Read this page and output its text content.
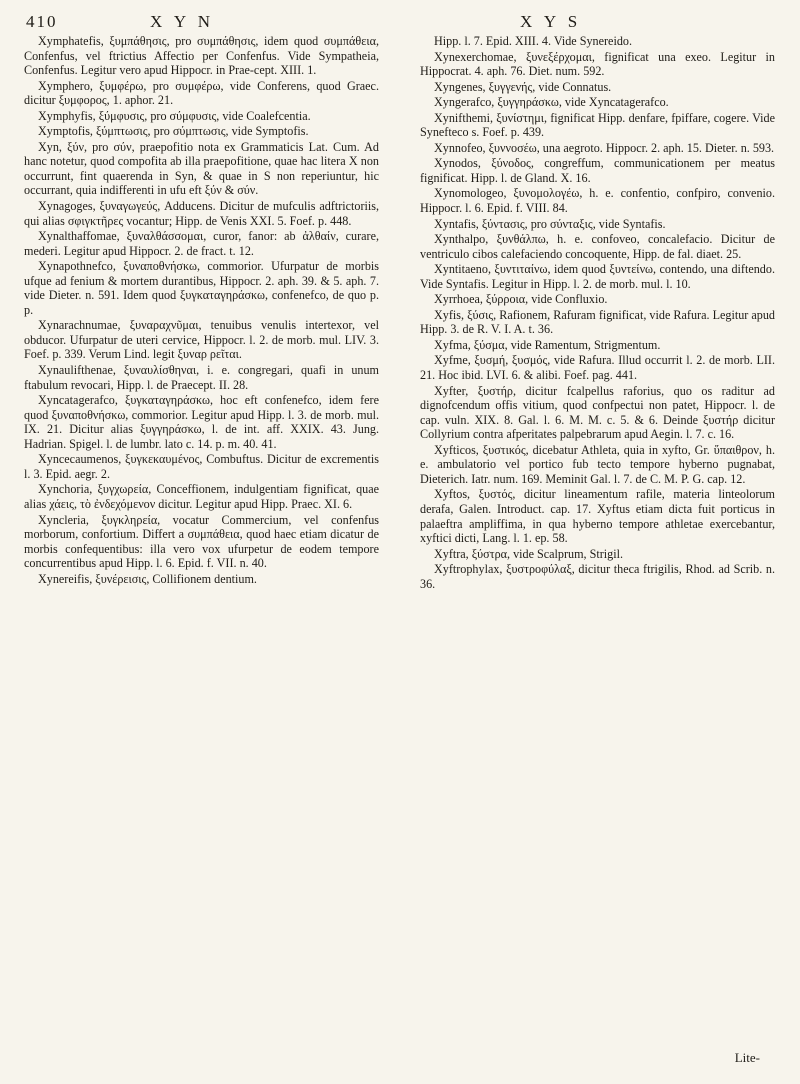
410	X Y N	X Y S

Xymphatefis, ξυμπάθησις, pro συμπάθησις, idem quod συμπάθεια, Confenfus, vel ftrictius Affectio per Confenfus. Vide Sympatheia, Confenfus. Legitur vero apud Hippocr. in Prae-cept. XIII. 1.

Xymphero, ξυμφέρω, pro συμφέρω, vide Conferens, quod Graec. dicitur ξυμφορος, 1. aphor. 21.

Xymphyfis, ξύμφυσις, pro σύμφυσις, vide Coalefcentia.

Xymptofis, ξύμπτωσις, pro σύμπτωσις, vide Symptofis.

Xyn, ξύν, pro σύν, praepofitio nota ex Grammaticis Lat. Cum. Ad hanc notetur, quod compofita ab illa praepofitione, quae hac litera X non occurrunt, fint quaerenda in Syn, & quae in S non reperiuntur, hic occurrant, quia indifferenti in ufu eft ξύν & σύν.

Xynagoges, ξυναγωγεύς, Adducens. Dicitur de mufculis adftrictoriis, qui alias σφιγκτῆρες vocantur; Hipp. de Venis XXI. 5. Foef. p. 448.

Xynalthaffomae, ξυναλθάσσομαι, curor, fanor: ab ἀλθαίν, curare, mederi. Legitur apud Hippocr. 2. de fract. t. 12.

Xynapothnefco, ξυναποθνήσκω, commorior. Ufurpatur de morbis ufque ad fenium & mortem durantibus, Hippocr. 2. aph. 39. & 5. aph. 7. vide Dieter. n. 591. Idem quod ξυγκαταγηράσκω, confenefco, de quo p. p.

Xynarachnumae, ξυναραχνῦμαι, tenuibus venulis intertexor, vel obducor. Ufurpatur de uteri cervice, Hippocr. l. 2. de morb. mul. LIV. 3. Foef. p. 339. Verum Lind. legit ξυναρ ρεῖται.

Xynaulifthenae, ξυναυλίσθηναι, i. e. congregari, quafi in unum ftabulum revocari, Hipp. l. de Praecept. II. 28.

Xyncatagerafco, ξυγκαταγηράσκω, hoc eft confenefco, idem fere quod ξυναποθνήσκω, commorior. Legitur apud Hipp. l. 3. de morb. mul. IX. 21. Dicitur alias ξυγγηράσκω, l. de int. aff. XXIX. 43. Jung. Hadrian. Spigel. l. de lumbr. lato c. 14. p. m. 40. 41.

Xyncecaumenos, ξυγκεκαυμένος, Combuftus. Dicitur de excrementis l. 3. Epid. aegr. 2.

Xynchoria, ξυγχωρεία, Conceffionem, indulgentiam fignificat, quae alias χάεις, τὸ ἐνδεχόμενον dicitur. Legitur apud Hipp. Praec. XI. 6.

Xyncleria, ξυγκληρεία, vocatur Commercium, vel confenfus morborum, confortium. Differt a συμπάθεια, quod haec etiam dicatur de morbis confequentibus: illa vero vox ufurpetur de eodem tempore concurrentibus apud Hipp. l. 6. Epid. f. VII. n. 40.

Xynereifis, ξυνέρεισις, Collifionem dentium.

Hipp. l. 7. Epid. XIII. 4. Vide Synereido.

Xynexerchomae, ξυνεξέρχομαι, fignificat una exeo. Legitur in Hippocrat. 4. aph. 76. Diet. num. 592.

Xyngenes, ξυγγενής, vide Connatus.

Xyngerafco, ξυγγηράσκω, vide Xyncatagerafco.

Xynifthemi, ξυνίστημι, fignificat Hipp. denfare, fpiffare, cogere. Vide Synefteco s. Foef. p. 439.

Xynnofeo, ξυννοσέω, una aegroto. Hippocr. 2. aph. 15. Dieter. n. 593.

Xynodos, ξύνοδος, congreffum, communicationem per meatus fignificat. Hipp. l. de Gland. X. 16.

Xynomologeo, ξυνομολογέω, h. e. confentio, confpiro, convenio. Hippocr. l. 6. Epid. f. VIII. 84.

Xyntafis, ξύντασις, pro σύνταξις, vide Syntafis.

Xynthalpo, ξυνθάλπω, h. e. confoveo, concalefacio. Dicitur de ventriculo cibos calefaciendo concoquente, Hipp. de fal. diaet. 25.

Xyntitaeno, ξυντιταίνω, idem quod ξυντείνω, contendo, una diftendo. Vide Syntafis. Legitur in Hipp. l. 2. de morb. mul. l. 10.

Xyrrhoea, ξύρροια, vide Confluxio.

Xyfis, ξύσις, Rafionem, Rafuram fignificat, vide Rafura. Legitur apud Hipp. 3. de R. V. I. A. t. 36.

Xyfma, ξύσμα, vide Ramentum, Strigmentum.

Xyfme, ξυσμή, ξυσμός, vide Rafura. Illud occurrit l. 2. de morb. LII. 21. Hoc ibid. LVI. 6. & alibi. Foef. pag. 441.

Xyfter, ξυστήρ, dicitur fcalpellus raforius, quo os raditur ad dignofcendum offis vitium, quod confpectui non patet, Hippocr. l. de cap. vuln. XIX. 8. Gal. l. 6. M. M. c. 5. & 6. Deinde ξυστήρ dicitur Collyrium contra afperitates palpebrarum apud Aegin. l. 7. c. 16.

Xyfticos, ξυστικός, dicebatur Athleta, quia in xyfto, Gr. ὕπαιθρον, h. e. ambulatorio vel portico fub tecto tempore hyberno pugnabat, Dieterich. Iatr. num. 169. Meminit Gal. l. 7. de C. M. P. G. cap. 12.

Xyftos, ξυστός, dicitur lineamentum rafile, materia linteolorum derafa, Galen. Introduct. cap. 17. Xyftus etiam dicta fuit porticus in palaeftra ampliffima, in qua hyberno tempore athletae exercebantur, xyftici dicti, Lang. l. 1. ep. 58.

Xyftra, ξύστρα, vide Scalprum, Strigil.

Xyftrophylax, ξυστροφύλαξ, dicitur theca ftrigilis, Rhod. ad Scrib. n. 36.

Lite-
